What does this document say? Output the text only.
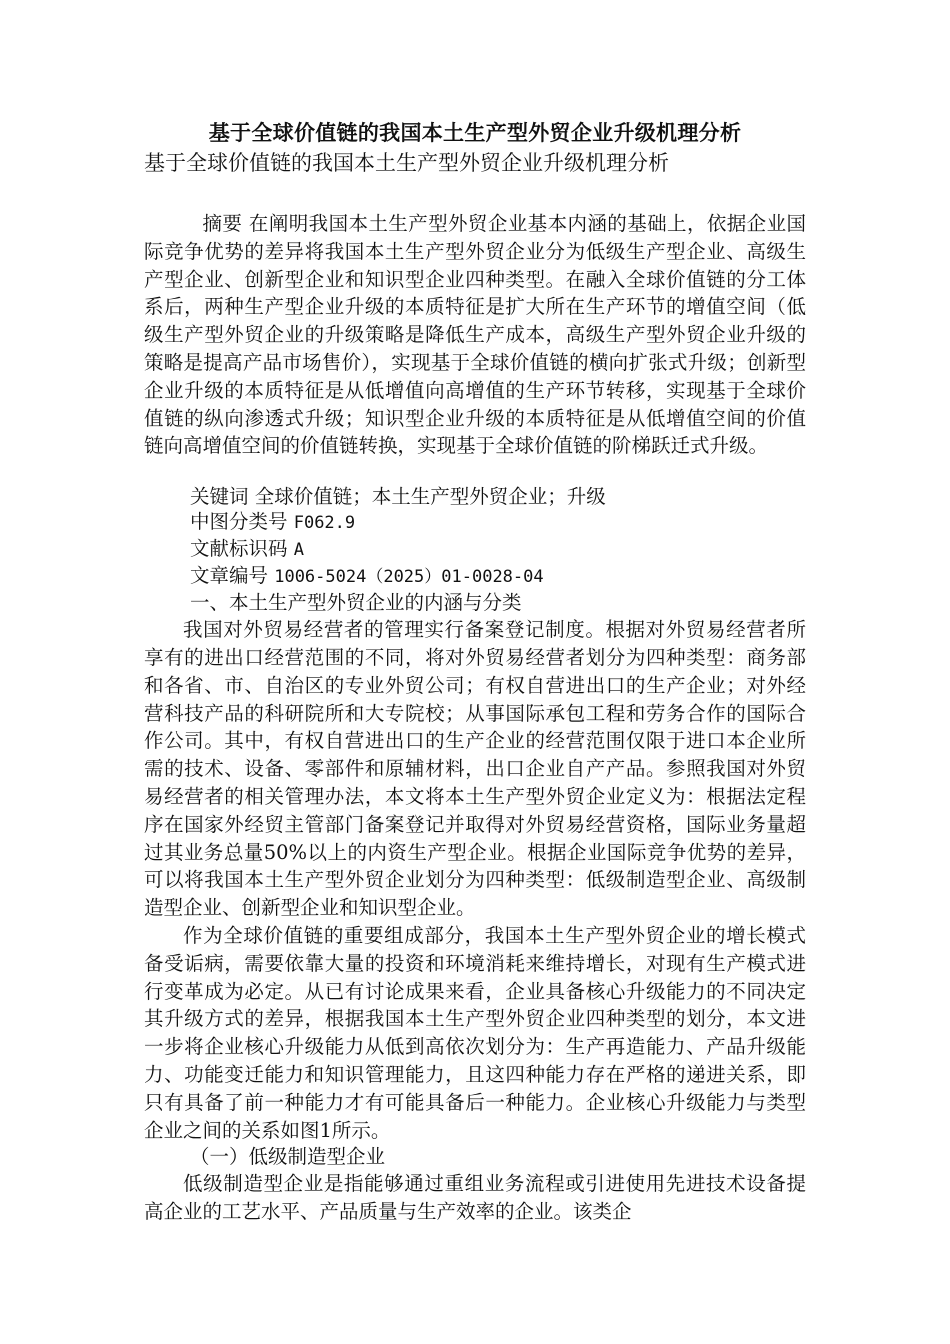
基于全球价值链的我国本土生产型外贸企业升级机理分析

基于全球价值链的我国本土生产型外贸企业升级机理分析

摘要 在阐明我国本土生产型外贸企业基本内涵的基础上，依据企业国际竞争优势的差异将我国本土生产型外贸企业分为低级生产型企业、高级生产型企业、创新型企业和知识型企业四种类型。在融入全球价值链的分工体系后，两种生产型企业升级的本质特征是扩大所在生产环节的增值空间（低级生产型外贸企业的升级策略是降低生产成本，高级生产型外贸企业升级的策略是提高产品市场售价），实现基于全球价值链的横向扩张式升级；创新型企业升级的本质特征是从低增值向高增值的生产环节转移，实现基于全球价值链的纵向渗透式升级；知识型企业升级的本质特征是从低增值空间的价值链向高增值空间的价值链转换，实现基于全球价值链的阶梯跃迁式升级。

关键词 全球价值链；本土生产型外贸企业；升级

中图分类号 F062.9

文献标识码 A

文章编号 1006-5024（2025）01-0028-04

一、本土生产型外贸企业的内涵与分类

我国对外贸易经营者的管理实行备案登记制度。根据对外贸易经营者所享有的进出口经营范围的不同，将对外贸易经营者划分为四种类型：商务部和各省、市、自治区的专业外贸公司；有权自营进出口的生产企业；对外经营科技产品的科研院所和大专院校；从事国际承包工程和劳务合作的国际合作公司。其中，有权自营进出口的生产企业的经营范围仅限于进口本企业所需的技术、设备、零部件和原辅材料，出口企业自产产品。参照我国对外贸易经营者的相关管理办法，本文将本土生产型外贸企业定义为：根据法定程序在国家外经贸主管部门备案登记并取得对外贸易经营资格，国际业务量超过其业务总量50%以上的内资生产型企业。根据企业国际竞争优势的差异，可以将我国本土生产型外贸企业划分为四种类型：低级制造型企业、高级制造型企业、创新型企业和知识型企业。

作为全球价值链的重要组成部分，我国本土生产型外贸企业的增长模式备受诟病，需要依靠大量的投资和环境消耗来维持增长，对现有生产模式进行变革成为必定。从已有讨论成果来看，企业具备核心升级能力的不同决定其升级方式的差异，根据我国本土生产型外贸企业四种类型的划分，本文进一步将企业核心升级能力从低到高依次划分为：生产再造能力、产品升级能力、功能变迁能力和知识管理能力，且这四种能力存在严格的递进关系，即只有具备了前一种能力才有可能具备后一种能力。企业核心升级能力与类型企业之间的关系如图1所示。

（一）低级制造型企业

低级制造型企业是指能够通过重组业务流程或引进使用先进技术设备提高企业的工艺水平、产品质量与生产效率的企业。该类企
